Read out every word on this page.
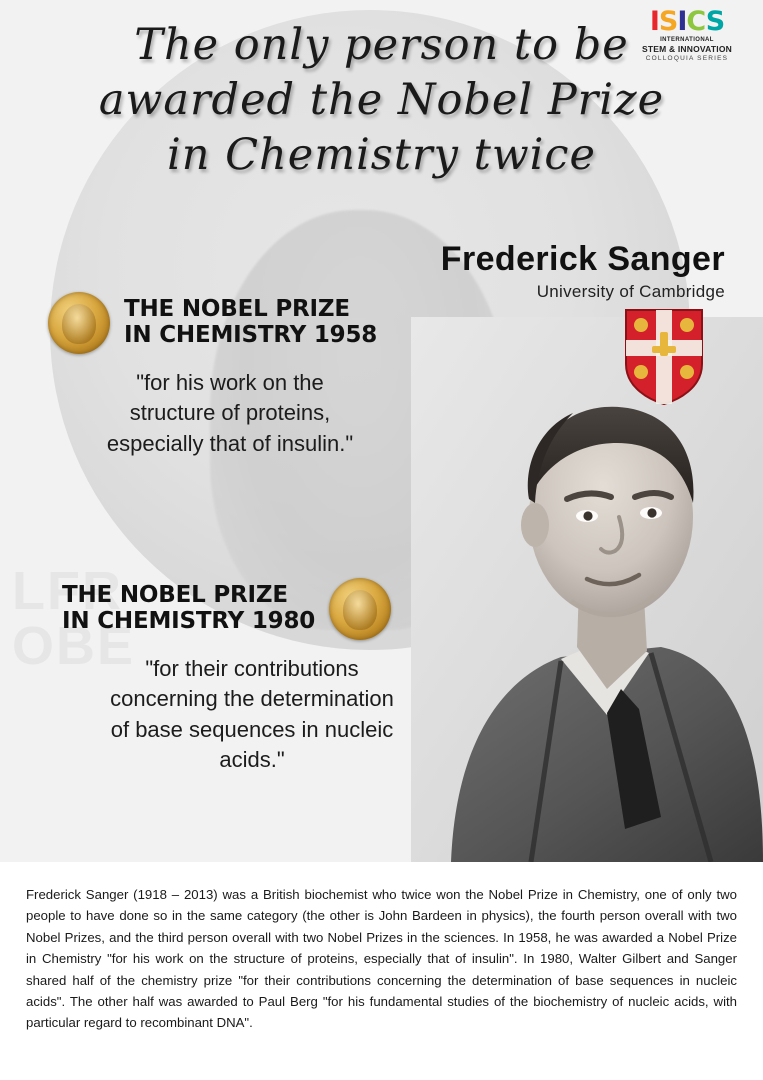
LFR
OBE
ISICS
INTERNATIONAL
STEM & INNOVATION
COLLOQUIA SERIES
The only person to be
awarded the Nobel Prize
in Chemistry twice
Frederick Sanger
University of Cambridge
THE NOBEL PRIZE
IN CHEMISTRY 1958
"for his work on the
structure of proteins,
especially that of insulin."
THE NOBEL PRIZE
IN CHEMISTRY 1980
"for their contributions
concerning the determination
of base sequences in nucleic
acids."

Frederick Sanger (1918 – 2013) was a British biochemist who twice won the Nobel Prize in Chemistry, one of only two people to have done so in the same category (the other is John Bardeen in physics), the fourth person overall with two Nobel Prizes, and the third person overall with two Nobel Prizes in the sciences. In 1958, he was awarded a Nobel Prize in Chemistry "for his work on the structure of proteins, especially that of insulin". In 1980, Walter Gilbert and Sanger shared half of the chemistry prize "for their contributions concerning the determination of base sequences in nucleic acids". The other half was awarded to Paul Berg "for his fundamental studies of the biochemistry of nucleic acids, with particular regard to recombinant DNA".
